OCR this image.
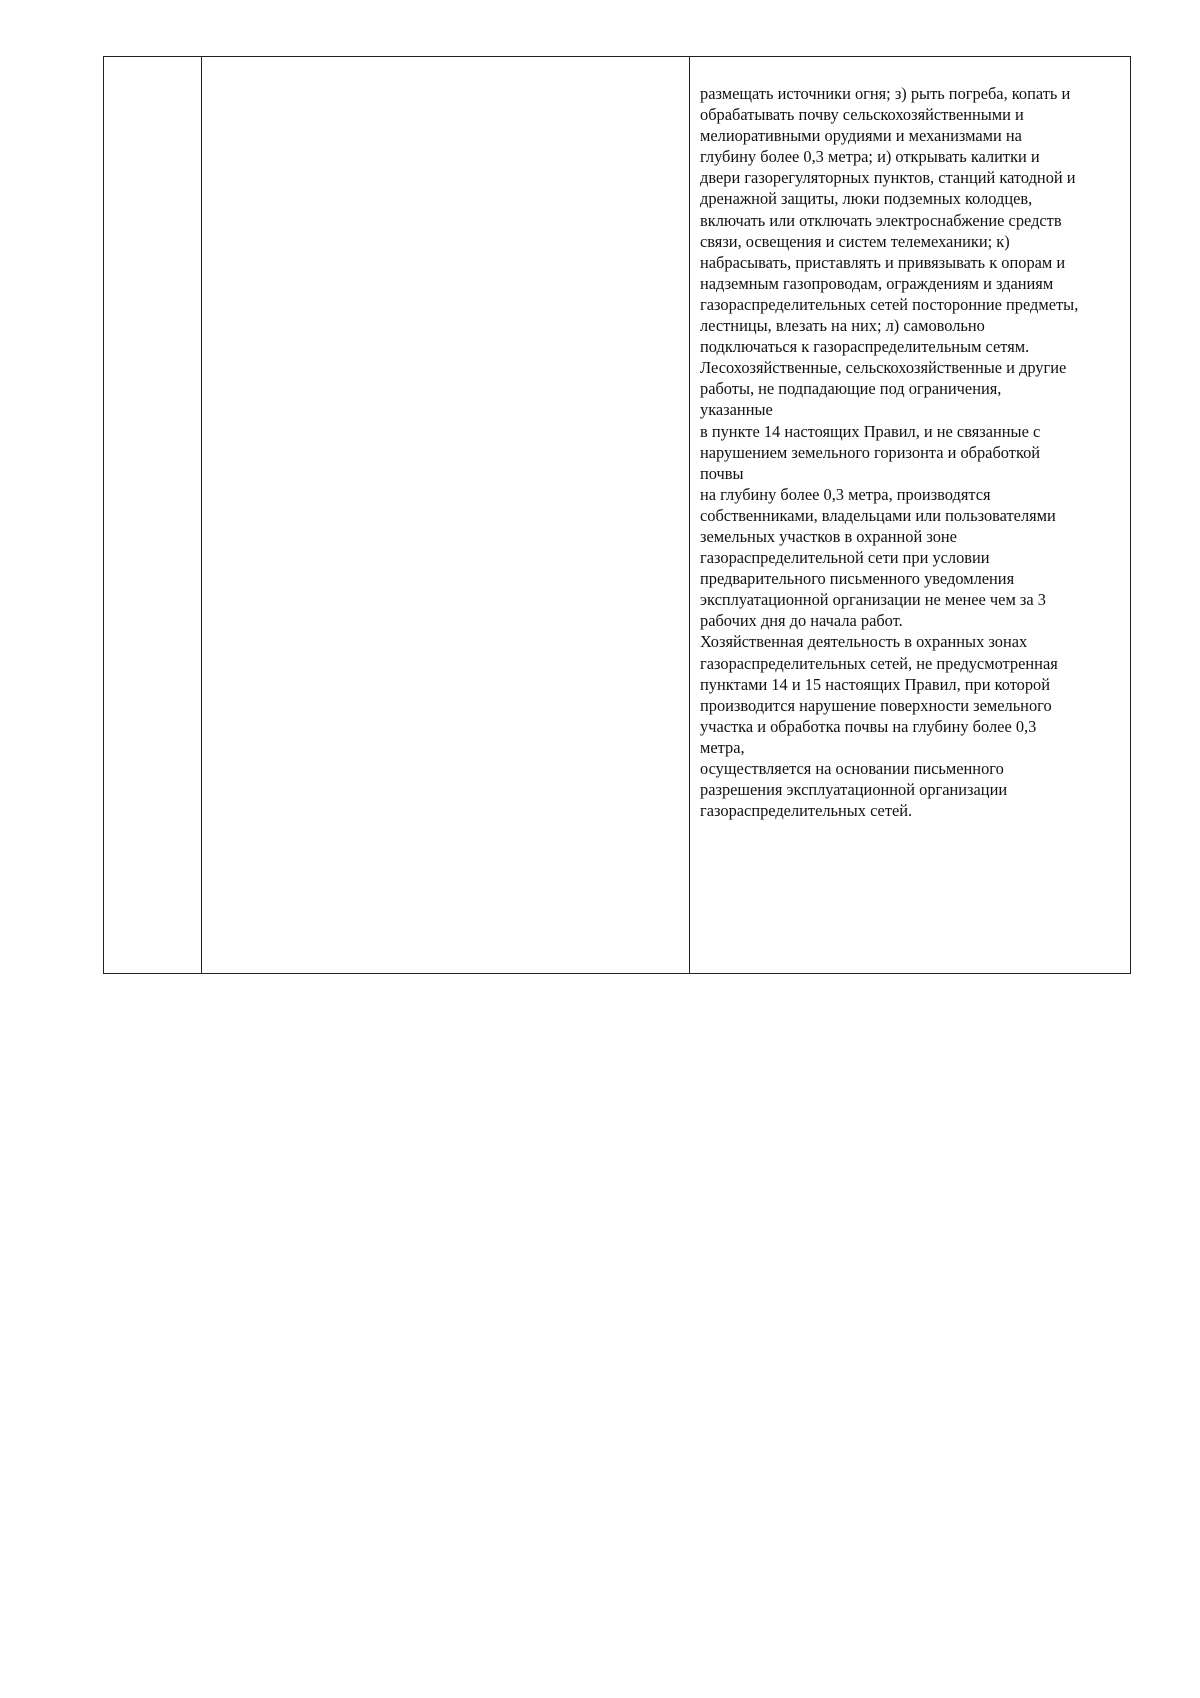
размещать источники огня; з) рыть погреба, копать и
обрабатывать почву сельскохозяйственными и
мелиоративными орудиями и механизмами на
глубину более 0,3 метра; и) открывать калитки и
двери газорегуляторных пунктов, станций катодной и
дренажной защиты, люки подземных колодцев,
включать или отключать электроснабжение средств
связи, освещения и систем телемеханики; к)
набрасывать, приставлять и привязывать к опорам и
надземным газопроводам, ограждениям и зданиям
газораспределительных сетей посторонние предметы,
лестницы, влезать на них; л) самовольно
подключаться к газораспределительным сетям.
Лесохозяйственные, сельскохозяйственные и другие
работы, не подпадающие под ограничения,
указанные
в пункте 14 настоящих Правил, и не связанные с
нарушением земельного горизонта и обработкой
почвы
на глубину более 0,3 метра, производятся
собственниками, владельцами или пользователями
земельных участков в охранной зоне
газораспределительной сети при условии
предварительного письменного уведомления
эксплуатационной организации не менее чем за 3
рабочих дня до начала работ.
Хозяйственная деятельность в охранных зонах
газораспределительных сетей, не предусмотренная
пунктами 14 и 15 настоящих Правил, при которой
производится нарушение поверхности земельного
участка и обработка почвы на глубину более 0,3
метра,
осуществляется на основании письменного
разрешения эксплуатационной организации
газораспределительных сетей.
